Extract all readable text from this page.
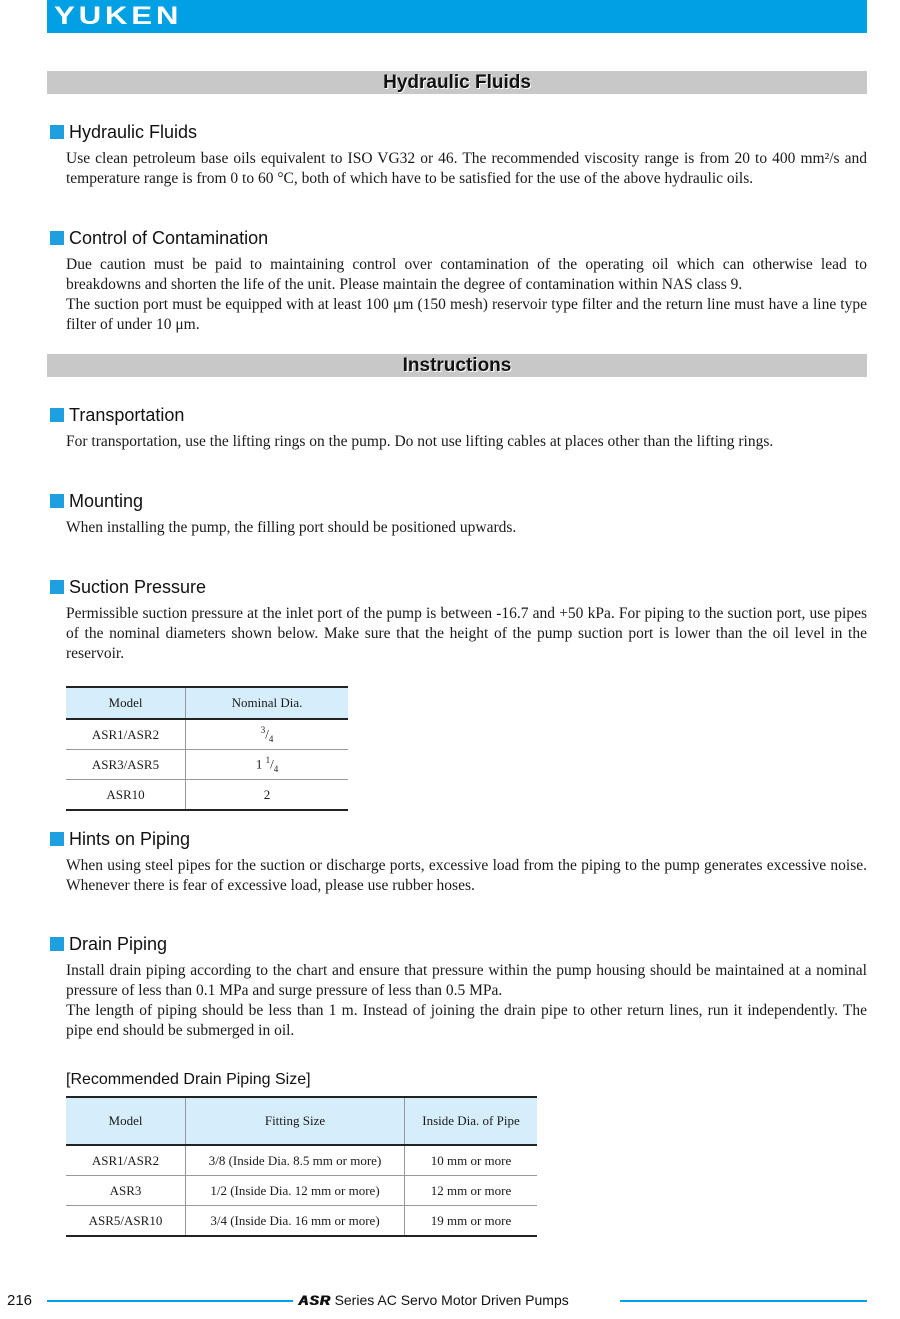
YUKEN
Hydraulic Fluids
Hydraulic Fluids

Use clean petroleum base oils equivalent to ISO VG32 or 46. The recommended viscosity range is from 20 to 400 mm²/s and temperature range is from 0 to 60 °C, both of which have to be satisfied for the use of the above hydraulic oils.

Control of Contamination

Due caution must be paid to maintaining control over contamination of the operating oil which can otherwise lead to breakdowns and shorten the life of the unit. Please maintain the degree of contamination within NAS class 9.

The suction port must be equipped with at least 100 μm (150 mesh) reservoir type filter and the return line must have a line type filter of under 10 μm.

Instructions
Transportation

For transportation, use the lifting rings on the pump. Do not use lifting cables at places other than the lifting rings.

Mounting

When installing the pump, the filling port should be positioned upwards.

Suction Pressure

Permissible suction pressure at the inlet port of the pump is between -16.7 and +50 kPa. For piping to the suction port, use pipes of the nominal diameters shown below. Make sure that the height of the pump suction port is lower than the oil level in the reservoir.

Model	Nominal Dia.
ASR1/ASR2	$^3/_4$
ASR3/ASR5	1 $^1/_4$
ASR10	2
Hints on Piping

When using steel pipes for the suction or discharge ports, excessive load from the piping to the pump generates excessive noise. Whenever there is fear of excessive load, please use rubber hoses.

Drain Piping

Install drain piping according to the chart and ensure that pressure within the pump housing should be maintained at a nominal pressure of less than 0.1 MPa and surge pressure of less than 0.5 MPa.

The length of piping should be less than 1 m. Instead of joining the drain pipe to other return lines, run it independently. The pipe end should be submerged in oil.

[Recommended Drain Piping Size]
Model	Fitting Size	Inside Dia. of Pipe
ASR1/ASR2	3/8 (Inside Dia. 8.5 mm or more)	10 mm or more
ASR3	1/2 (Inside Dia. 12 mm or more)	12 mm or more
ASR5/ASR10	3/4 (Inside Dia. 16 mm or more)	19 mm or more
216	ASR Series AC Servo Motor Driven Pumps
